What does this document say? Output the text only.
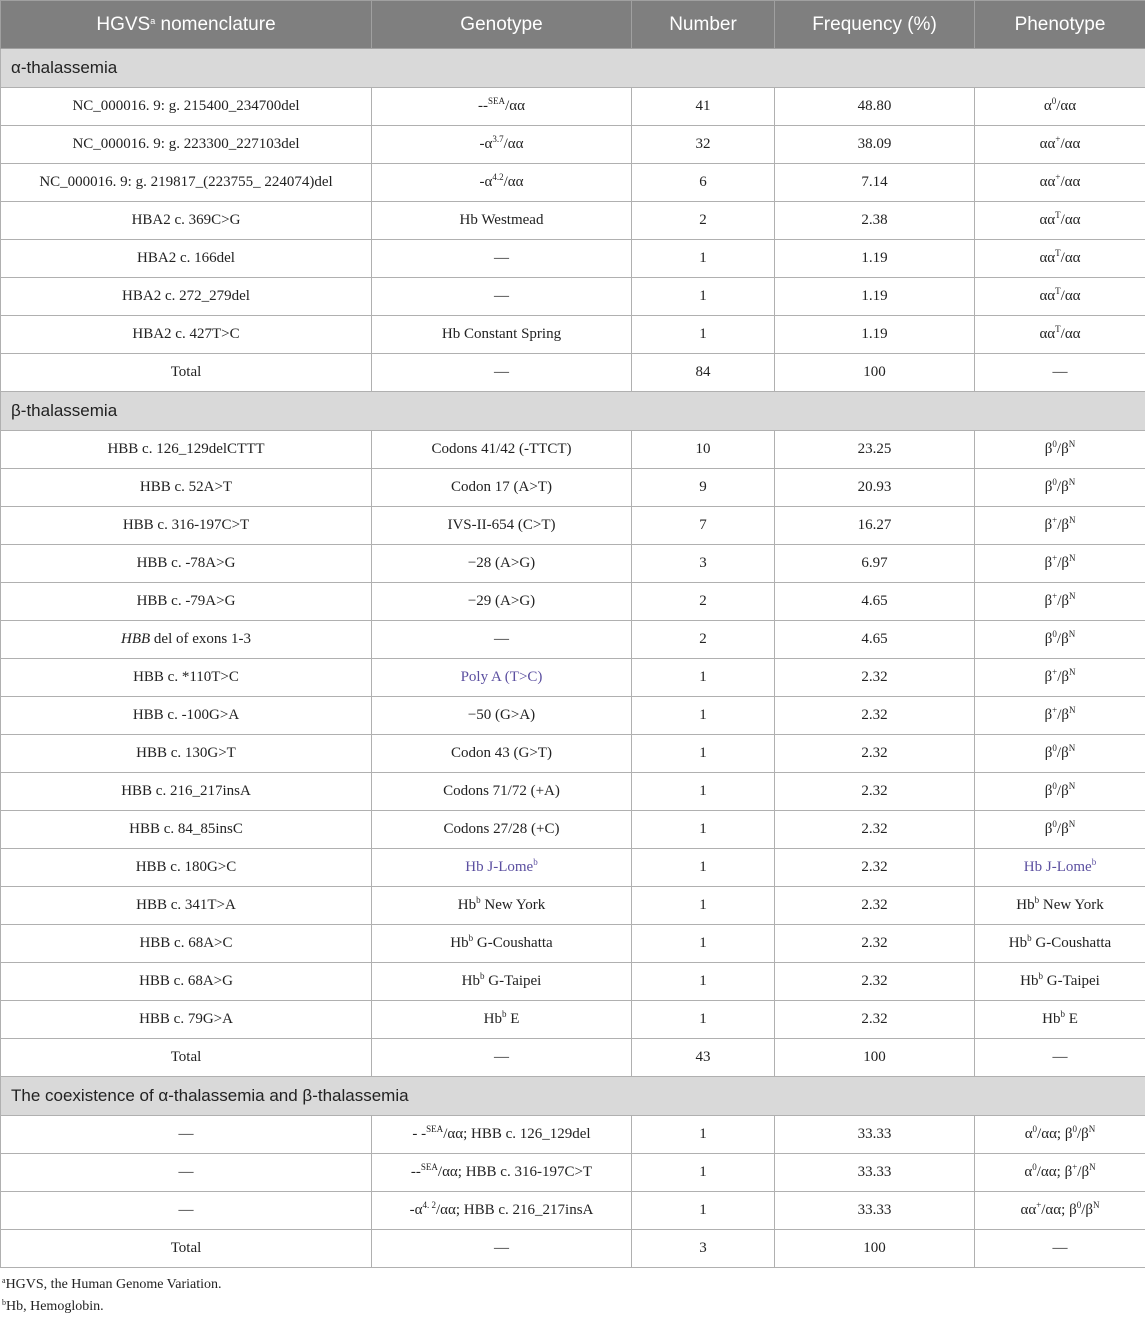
HGVS$^a$ nomenclature	Genotype	Number	Frequency (%)	Phenotype
α-thalassemia				
NC_000016. 9: g. 215400_234700del	--$^{SEA}$/αα	41	48.80	$\alpha^0/\alpha\alpha$
NC_000016. 9: g. 223300_227103del	$-\alpha^{3.7}/\alpha\alpha$	32	38.09	αα+/αα
NC_000016. 9: g. 219817_(223755_ 224074)del	$-\alpha^{4.2}/\alpha\alpha$	6	7.14	αα+/αα
HBA2 c. 369C>G	Hb Westmead	2	2.38	$\alpha\alpha^T/\alpha\alpha$
HBA2 c. 166del	—	1	1.19	$\alpha\alpha^T/\alpha\alpha$
HBA2 c. 272_279del	—	1	1.19	$\alpha\alpha^T/\alpha\alpha$
HBA2 c. 427T>C	Hb Constant Spring	1	1.19	$\alpha\alpha^T/\alpha\alpha$
Total	—	84	100	—
β-thalassemia				
HBB c. 126_129delCTTT	Codons 41/42 (-TTCT)	10	23.25	$\beta^0/\beta^N$
HBB c. 52A>T	Codon 17 (A>T)	9	20.93	$\beta^0/\beta^N$
HBB c. 316-197C>T	IVS-II-654 (C>T)	7	16.27	$\beta^+/\beta^N$
HBB c. -78A>G	−28 (A>G)	3	6.97	$\beta^+/\beta^N$
HBB c. -79A>G	−29 (A>G)	2	4.65	$\beta^+/\beta^N$
HBB del of exons 1-3	—	2	4.65	$\beta^0/\beta^N$
HBB c. *110T>C	Poly A (T>C)	1	2.32	$\beta^+/\beta^N$
HBB c. -100G>A	−50 (G>A)	1	2.32	$\beta^+/\beta^N$
HBB c. 130G>T	Codon 43 (G>T)	1	2.32	$\beta^0/\beta^N$
HBB c. 216_217insA	Codons 71/72 (+A)	1	2.32	$\beta^0/\beta^N$
HBB c. 84_85insC	Codons 27/28 (+C)	1	2.32	$\beta^0/\beta^N$
HBB c. 180G>C	Hb J-Lome$^b$	1	2.32	Hb J-Lome$^b$
HBB c. 341T>A	Hb$^b$ New York	1	2.32	Hb$^b$ New York
HBB c. 68A>C	Hb$^b$ G-Coushatta	1	2.32	Hb$^b$ G-Coushatta
HBB c. 68A>G	Hb$^b$ G-Taipei	1	2.32	Hb$^b$ G-Taipei
HBB c. 79G>A	Hb$^b$ E	1	2.32	Hb$^b$ E
Total	—	43	100	—
The coexistence of α-thalassemia and β-thalassemia				
—	- -$^{SEA}$/αα; HBB c. 126_129del	1	33.33	$\alpha^0/\alpha\alpha$; $\beta^0/\beta^N$
—	--$^{SEA}$/αα; HBB c. 316-197C>T	1	33.33	$\alpha^0/\alpha\alpha$; $\beta^+/\beta^N$
—	$-\alpha^{4. 2}/\alpha\alpha$; HBB c. 216_217insA	1	33.33	αα+/αα; $\beta^0/\beta^N$
Total	—	3	100	—
$^a$HGVS, the Human Genome Variation.
$^b$Hb, Hemoglobin.
